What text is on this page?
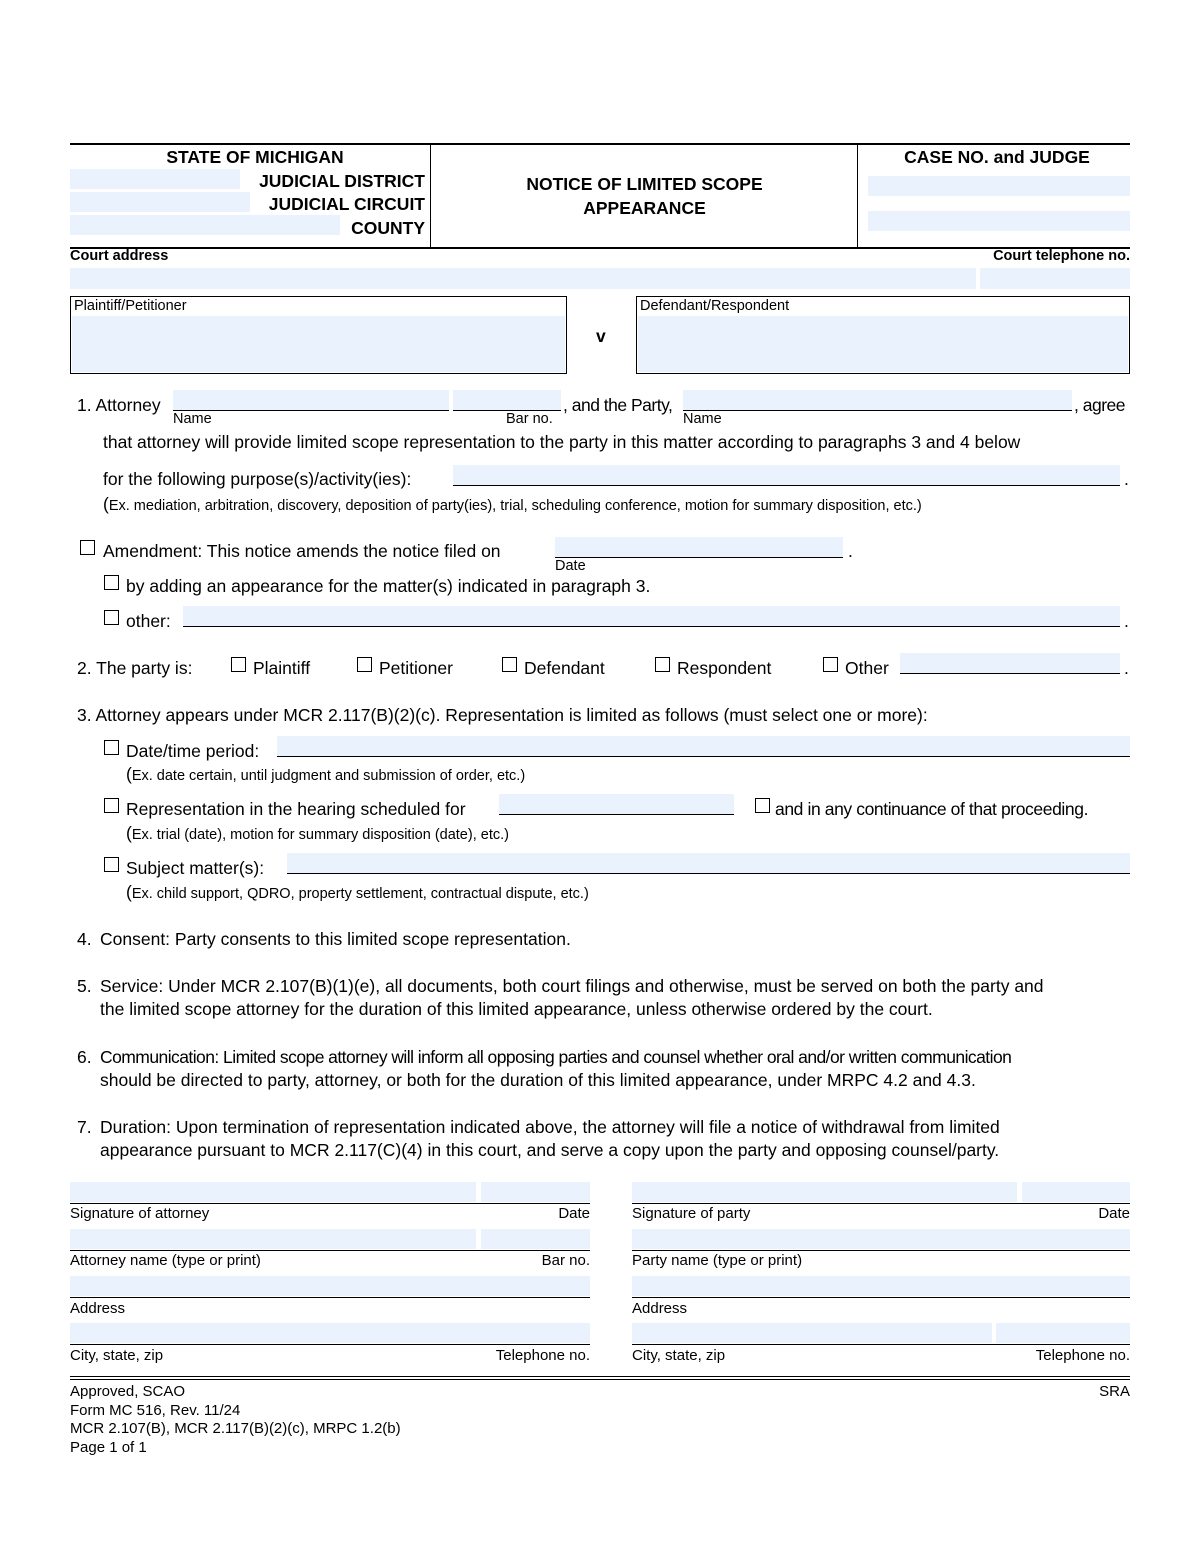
STATE OF MICHIGAN
JUDICIAL DISTRICT
JUDICIAL CIRCUIT
COUNTY
NOTICE OF LIMITED SCOPE
APPEARANCE
CASE NO. and JUDGE
Court address	Court telephone no.
Plaintiff/Petitioner
v
Defendant/Respondent
1. Attorney
Name	Bar no.
, and the Party,
Name
, agree
that attorney will provide limited scope representation to the party in this matter according to paragraphs 3 and 4 below
for the following purpose(s)/activity(ies):	.
(Ex. mediation, arbitration, discovery, deposition of party(ies), trial, scheduling conference, motion for summary disposition, etc.)
Amendment: This notice amends the notice filed on	.
Date
by adding an appearance for the matter(s) indicated in paragraph 3.
other:	.
2. The party is:	Plaintiff	Petitioner	Defendant	Respondent	Other	.
3. Attorney appears under MCR 2.117(B)(2)(c). Representation is limited as follows (must select one or more):
Date/time period:
(Ex. date certain, until judgment and submission of order, etc.)
Representation in the hearing scheduled for	and in any continuance of that proceeding.
(Ex. trial (date), motion for summary disposition (date), etc.)
Subject matter(s):
(Ex. child support, QDRO, property settlement, contractual dispute, etc.)
4. Consent: Party consents to this limited scope representation.
5. Service: Under MCR 2.107(B)(1)(e), all documents, both court filings and otherwise, must be served on both the party and
the limited scope attorney for the duration of this limited appearance, unless otherwise ordered by the court.
6. Communication: Limited scope attorney will inform all opposing parties and counsel whether oral and/or written communication
should be directed to party, attorney, or both for the duration of this limited appearance, under MRPC 4.2 and 4.3.
7. Duration: Upon termination of representation indicated above, the attorney will file a notice of withdrawal from limited
appearance pursuant to MCR 2.117(C)(4) in this court, and serve a copy upon the party and opposing counsel/party.
Signature of attorney	Date
Attorney name (type or print)	Bar no.
Address
City, state, zip	Telephone no.
Signature of party	Date
Party name (type or print)
Address
City, state, zip	Telephone no.
Approved, SCAO
Form MC 516, Rev. 11/24
MCR 2.107(B), MCR 2.117(B)(2)(c), MRPC 1.2(b)
Page 1 of 1
SRA
